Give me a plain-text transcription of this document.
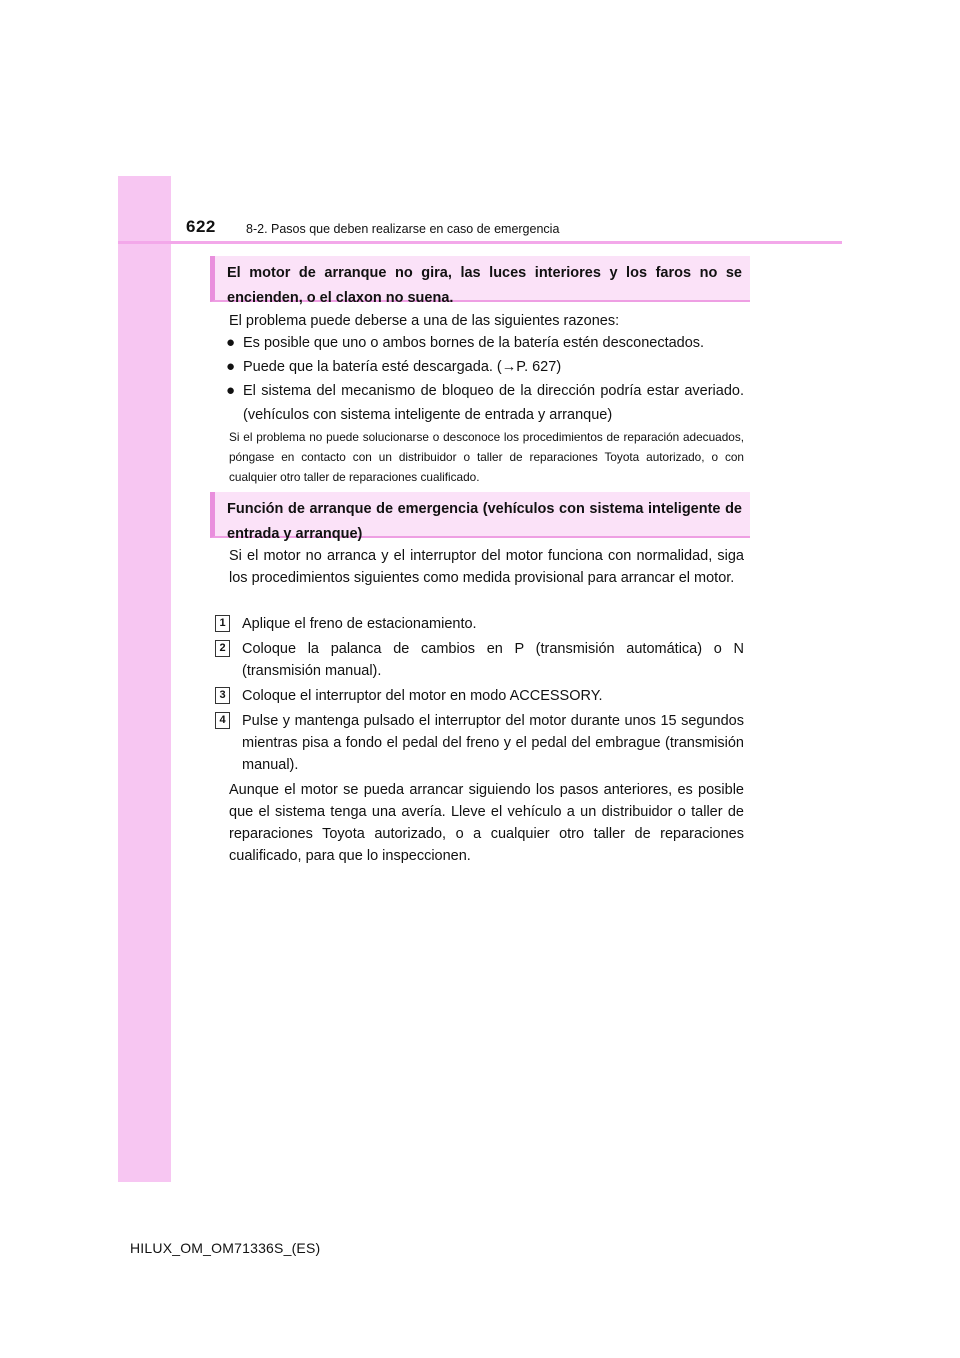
622 8-2. Pasos que deben realizarse en caso de emergencia
El motor de arranque no gira, las luces interiores y los faros no se encienden, o el claxon no suena.
El problema puede deberse a una de las siguientes razones:
● Es posible que uno o ambos bornes de la batería estén desconectados.
● Puede que la batería esté descargada. (→P. 627)
● El sistema del mecanismo de bloqueo de la dirección podría estar averiado. (vehículos con sistema inteligente de entrada y arranque)
Si el problema no puede solucionarse o desconoce los procedimientos de reparación adecuados, póngase en contacto con un distribuidor o taller de reparaciones Toyota autorizado, o con cualquier otro taller de reparaciones cualificado.
Función de arranque de emergencia (vehículos con sistema inteligente de entrada y arranque)
Si el motor no arranca y el interruptor del motor funciona con normalidad, siga los procedimientos siguientes como medida provisional para arrancar el motor.
1	Aplique el freno de estacionamiento.
2	Coloque la palanca de cambios en P (transmisión automática) o N (transmisión manual).
3	Coloque el interruptor del motor en modo ACCESSORY.
4	Pulse y mantenga pulsado el interruptor del motor durante unos 15 segundos mientras pisa a fondo el pedal del freno y el pedal del embrague (transmisión manual).
Aunque el motor se pueda arrancar siguiendo los pasos anteriores, es posible que el sistema tenga una avería. Lleve el vehículo a un distribuidor o taller de reparaciones Toyota autorizado, o a cualquier otro taller de reparaciones cualificado, para que lo inspeccionen.
HILUX_OM_OM71336S_(ES)
